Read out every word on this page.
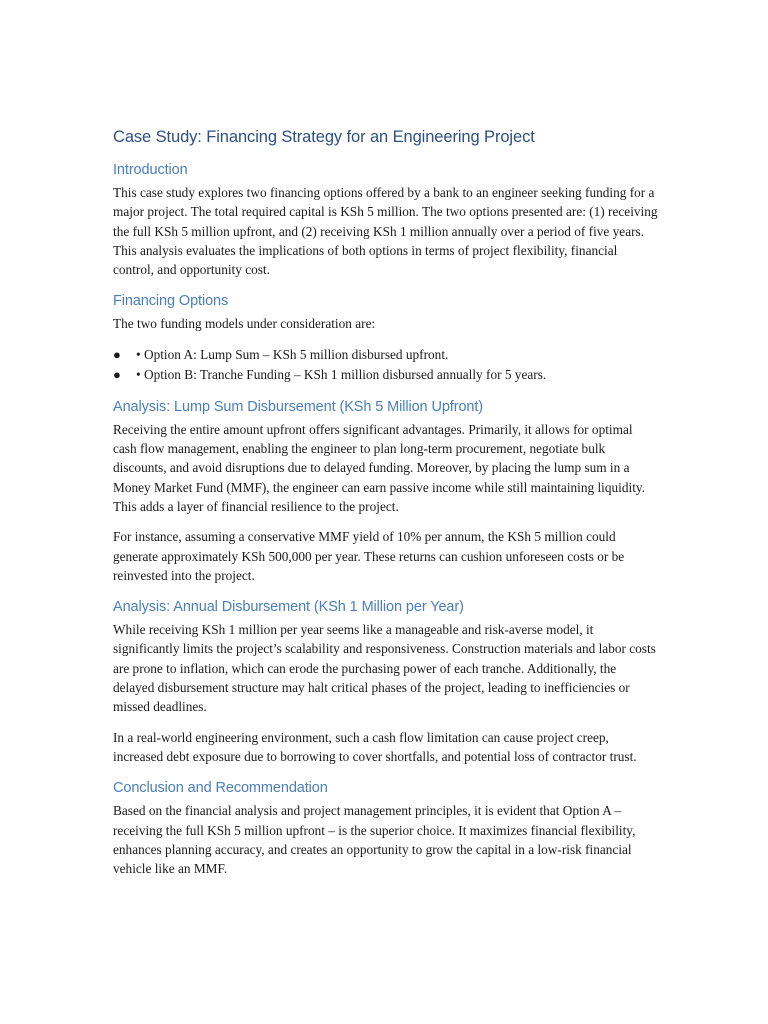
Case Study: Financing Strategy for an Engineering Project
Introduction

This case study explores two financing options offered by a bank to an engineer seeking funding for a major project. The total required capital is KSh 5 million. The two options presented are: (1) receiving the full KSh 5 million upfront, and (2) receiving KSh 1 million annually over a period of five years. This analysis evaluates the implications of both options in terms of project flexibility, financial control, and opportunity cost.

Financing Options

The two funding models under consideration are:

● • Option A: Lump Sum – KSh 5 million disbursed upfront.
● • Option B: Tranche Funding – KSh 1 million disbursed annually for 5 years.
Analysis: Lump Sum Disbursement (KSh 5 Million Upfront)

Receiving the entire amount upfront offers significant advantages. Primarily, it allows for optimal cash flow management, enabling the engineer to plan long-term procurement, negotiate bulk discounts, and avoid disruptions due to delayed funding. Moreover, by placing the lump sum in a Money Market Fund (MMF), the engineer can earn passive income while still maintaining liquidity. This adds a layer of financial resilience to the project.

For instance, assuming a conservative MMF yield of 10% per annum, the KSh 5 million could generate approximately KSh 500,000 per year. These returns can cushion unforeseen costs or be reinvested into the project.

Analysis: Annual Disbursement (KSh 1 Million per Year)

While receiving KSh 1 million per year seems like a manageable and risk-averse model, it significantly limits the project’s scalability and responsiveness. Construction materials and labor costs are prone to inflation, which can erode the purchasing power of each tranche. Additionally, the delayed disbursement structure may halt critical phases of the project, leading to inefficiencies or missed deadlines.

In a real-world engineering environment, such a cash flow limitation can cause project creep, increased debt exposure due to borrowing to cover shortfalls, and potential loss of contractor trust.

Conclusion and Recommendation

Based on the financial analysis and project management principles, it is evident that Option A – receiving the full KSh 5 million upfront – is the superior choice. It maximizes financial flexibility, enhances planning accuracy, and creates an opportunity to grow the capital in a low-risk financial vehicle like an MMF.
